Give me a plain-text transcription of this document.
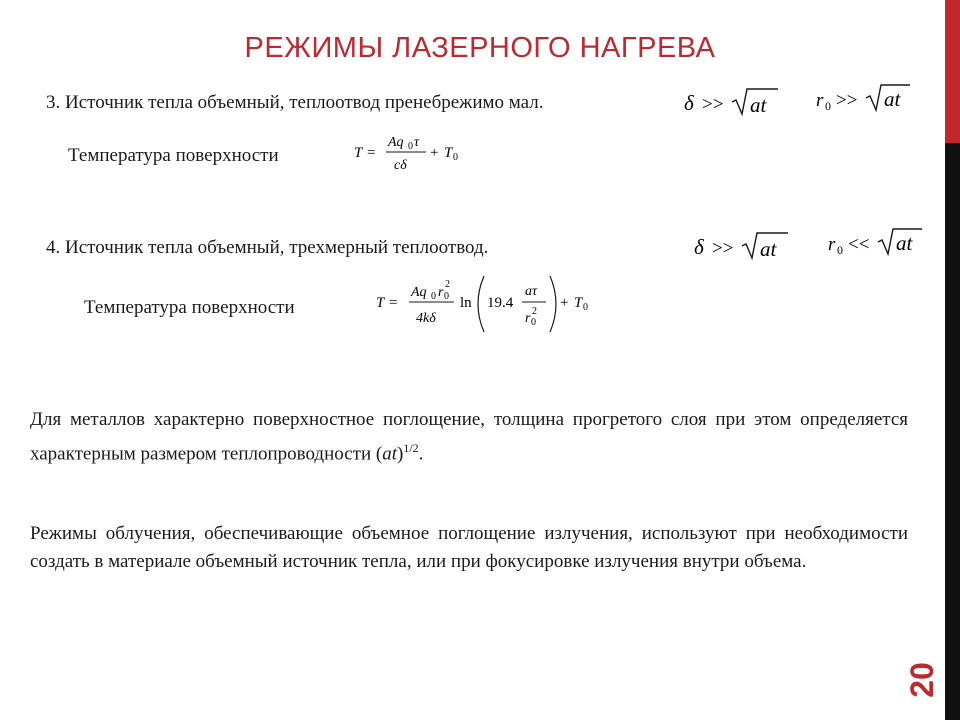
20
РЕЖИМЫ ЛАЗЕРНОГО НАГРЕВА
3. Источник тепла объемный, теплоотвод пренебрежимо мал.	δ >> at	r 0 >> at
Температура поверхности	T =
Aq 0 τ
cδ
+ T 0
4. Источник тепла объемный, трехмерный теплоотвод.	δ >> at	r 0 << at
Температура поверхности	T =
Aq 0 r 0
2
4kδ
ln 19.4
aτ
r 0
2
+ T 0
Для металлов характерно поверхностное поглощение, толщина прогретого слоя при этом определяется характерным размером теплопроводности (at)$^{1/2}$.
Режимы облучения, обеспечивающие объемное поглощение излучения, используют при необходимости создать в материале объемный источник тепла, или при фокусировке излучения внутри объема.
